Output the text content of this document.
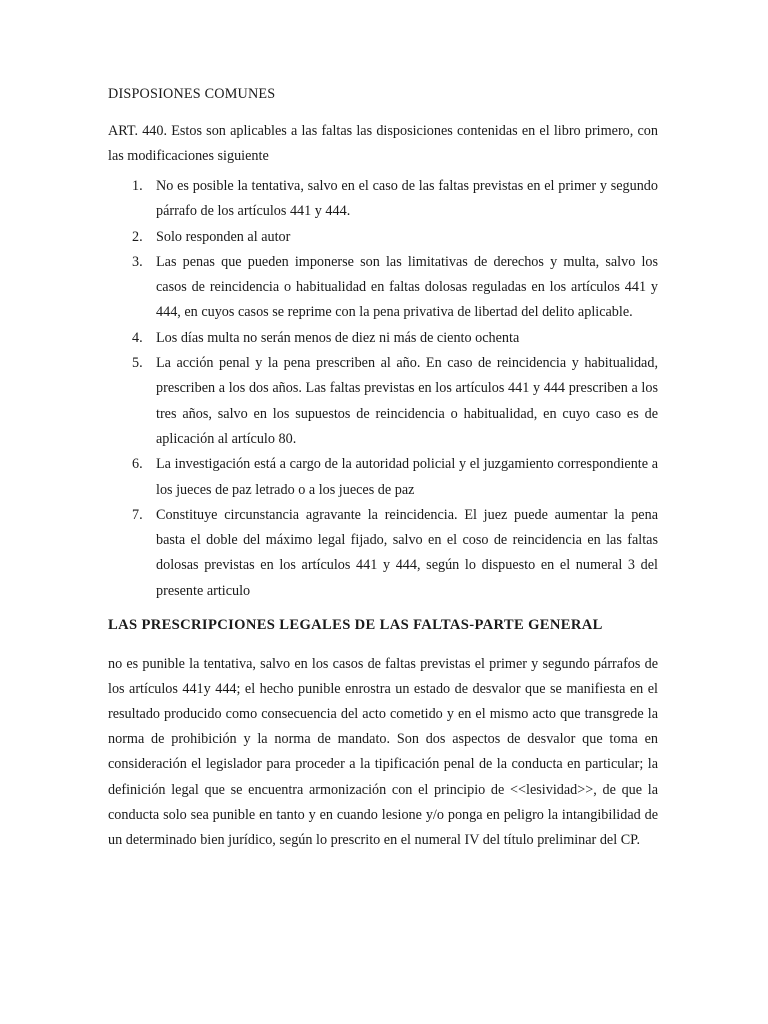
DISPOSIONES COMUNES

ART. 440. Estos son aplicables a las faltas las disposiciones contenidas en el libro primero, con las modificaciones siguiente

1. No es posible la tentativa, salvo en el caso de las faltas previstas en el primer y segundo párrafo de los artículos 441 y 444.
2. Solo responden al autor
3. Las penas que pueden imponerse son las limitativas de derechos y multa, salvo los casos de reincidencia o habitualidad en faltas dolosas reguladas en los artículos 441 y 444, en cuyos casos se reprime con la pena privativa de libertad del delito aplicable.
4. Los días multa no serán menos de diez ni más de ciento ochenta
5. La acción penal y la pena prescriben al año. En caso de reincidencia y habitualidad, prescriben a los dos años. Las faltas previstas en los artículos 441 y 444 prescriben a los tres años, salvo en los supuestos de reincidencia o habitualidad, en cuyo caso es de aplicación al artículo 80.
6. La investigación está a cargo de la autoridad policial y el juzgamiento correspondiente a los jueces de paz letrado o a los jueces de paz
7. Constituye circunstancia agravante la reincidencia. El juez puede aumentar la pena basta el doble del máximo legal fijado, salvo en el coso de reincidencia en las faltas dolosas previstas en los artículos 441 y 444, según lo dispuesto en el numeral 3 del presente articulo

LAS PRESCRIPCIONES LEGALES DE LAS FALTAS-PARTE GENERAL

no es punible la tentativa, salvo en los casos de faltas previstas el primer y segundo párrafos de los artículos 441y 444; el hecho punible enrostra un estado de desvalor que se manifiesta en el resultado producido como consecuencia del acto cometido y en el mismo acto que transgrede la norma de prohibición y la norma de mandato. Son dos aspectos de desvalor que toma en consideración el legislador para proceder a la tipificación penal de la conducta en particular; la definición legal que se encuentra armonización con el principio de <<lesividad>>, de que la conducta solo sea punible en tanto y en cuando lesione y/o ponga en peligro la intangibilidad de un determinado bien jurídico, según lo prescrito en el numeral IV del título preliminar del CP.
